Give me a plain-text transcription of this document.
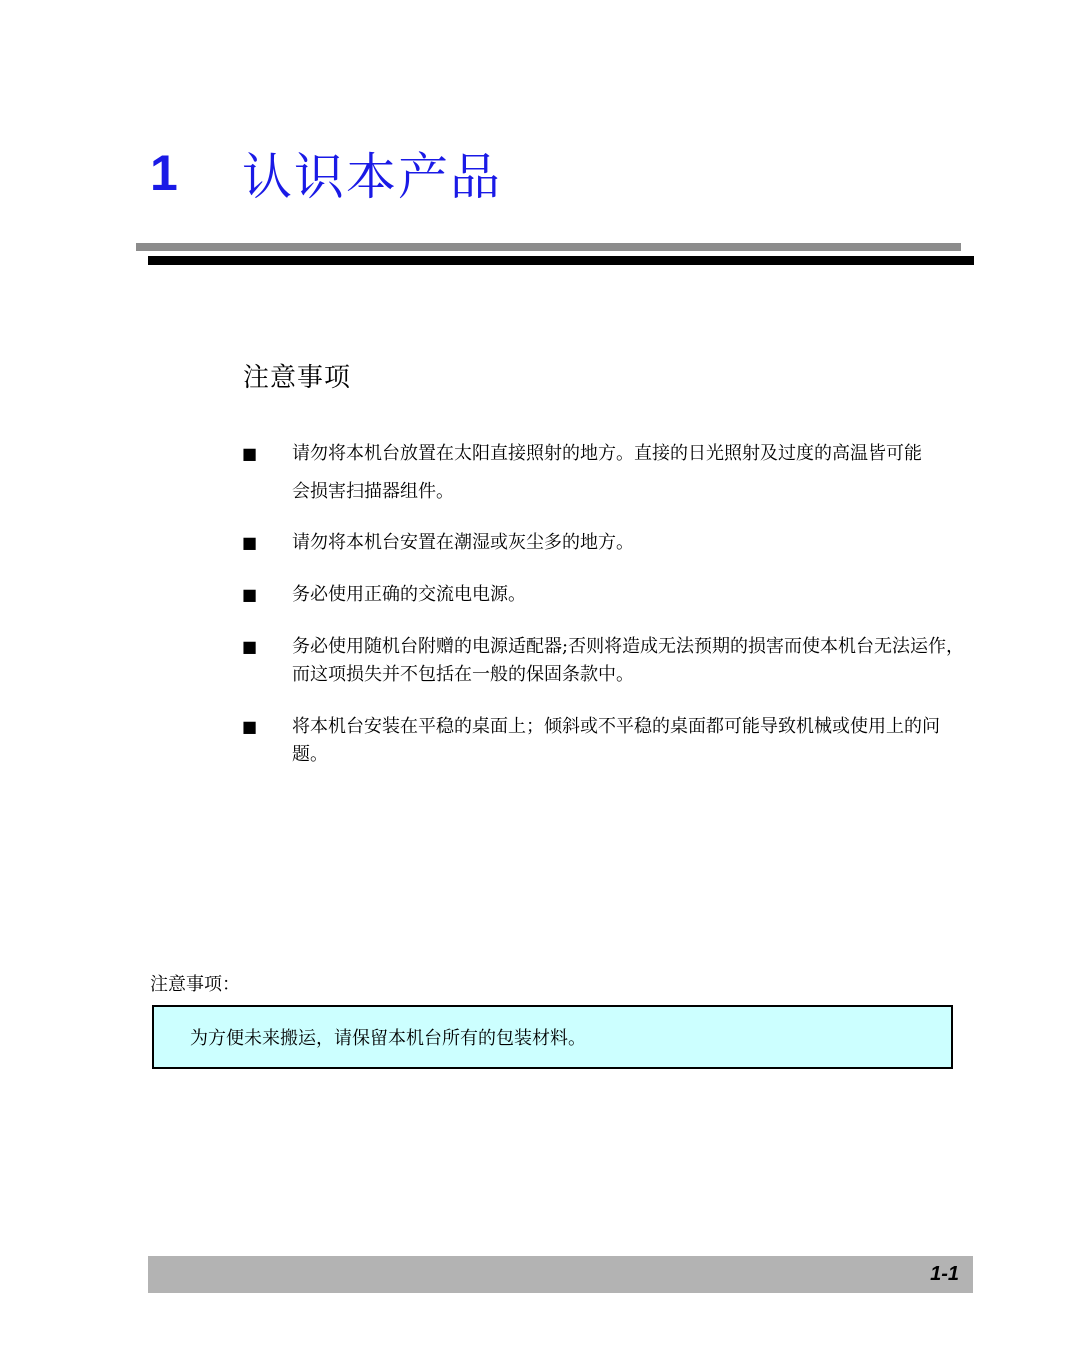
1	认识本产品
注意事项
■	请勿将本机台放置在太阳直接照射的地方。直接的日光照射及过度的高温皆可能会损害扫描器组件。
■	请勿将本机台安置在潮湿或灰尘多的地方。
■	务必使用正确的交流电电源。
■	务必使用随机台附赠的电源适配器;否则将造成无法预期的损害而使本机台无法运作，而这项损失并不包括在一般的保固条款中。
■	将本机台安装在平稳的桌面上；倾斜或不平稳的桌面都可能导致机械或使用上的问题。
注意事项：
为方便未来搬运，请保留本机台所有的包装材料。
1-1
